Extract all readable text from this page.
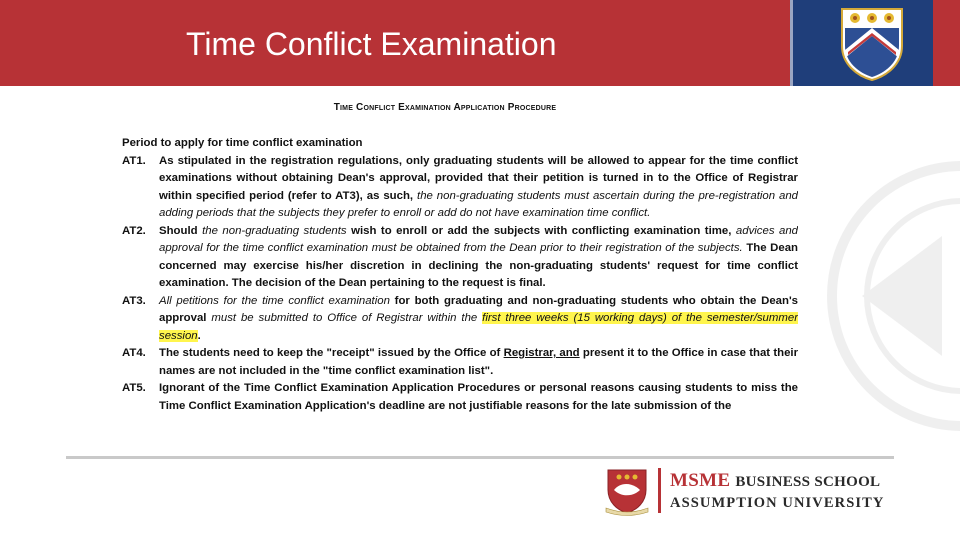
Time Conflict Examination
Time Conflict Examination Application Procedure
Period to apply for time conflict examination
AT1.	As stipulated in the registration regulations, only graduating students will be allowed to appear for the time conflict examinations without obtaining Dean's approval, provided that their petition is turned in to the Office of Registrar within specified period (refer to AT3), as such, the non-graduating students must ascertain during the pre-registration and adding periods that the subjects they prefer to enroll or add do not have examination time conflict.
AT2.	Should the non-graduating students wish to enroll or add the subjects with conflicting examination time, advices and approval for the time conflict examination must be obtained from the Dean prior to their registration of the subjects. The Dean concerned may exercise his/her discretion in declining the non-graduating students' request for time conflict examination. The decision of the Dean pertaining to the request is final.
AT3.	All petitions for the time conflict examination for both graduating and non-graduating students who obtain the Dean's approval must be submitted to Office of Registrar within the first three weeks (15 working days) of the semester/summer session.
AT4.	The students need to keep the "receipt" issued by the Office of Registrar, and present it to the Office in case that their names are not included in the "time conflict examination list".
AT5.	Ignorant of the Time Conflict Examination Application Procedures or personal reasons causing students to miss the Time Conflict Examination Application's deadline are not justifiable reasons for the late submission of the
MSME BUSINESS SCHOOL
ASSUMPTION UNIVERSITY
